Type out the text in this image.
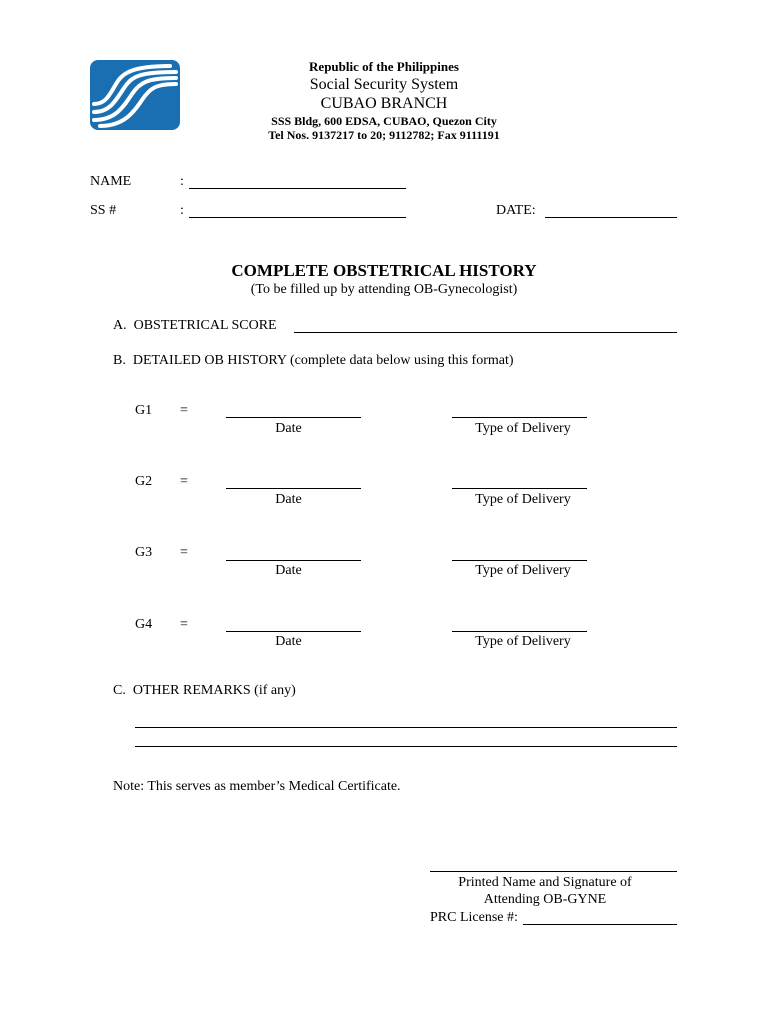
Republic of the Philippines
Social Security System
CUBAO BRANCH
SSS Bldg, 600 EDSA, CUBAO, Quezon City
Tel Nos. 9137217 to 20; 9112782; Fax 9111191
NAME	:
SS #	:	DATE:
COMPLETE OBSTETRICAL HISTORY
(To be filled up by attending OB-Gynecologist)
A.  OBSTETRICAL SCORE
B.  DETAILED OB HISTORY (complete data below using this format)
G1 =
Date	Type of Delivery
G2 =
Date	Type of Delivery
G3 =
Date	Type of Delivery
G4 =
Date	Type of Delivery
C.  OTHER REMARKS (if any)
Note: This serves as member’s Medical Certificate.
Printed Name and Signature of
Attending OB-GYNE
PRC License #:
